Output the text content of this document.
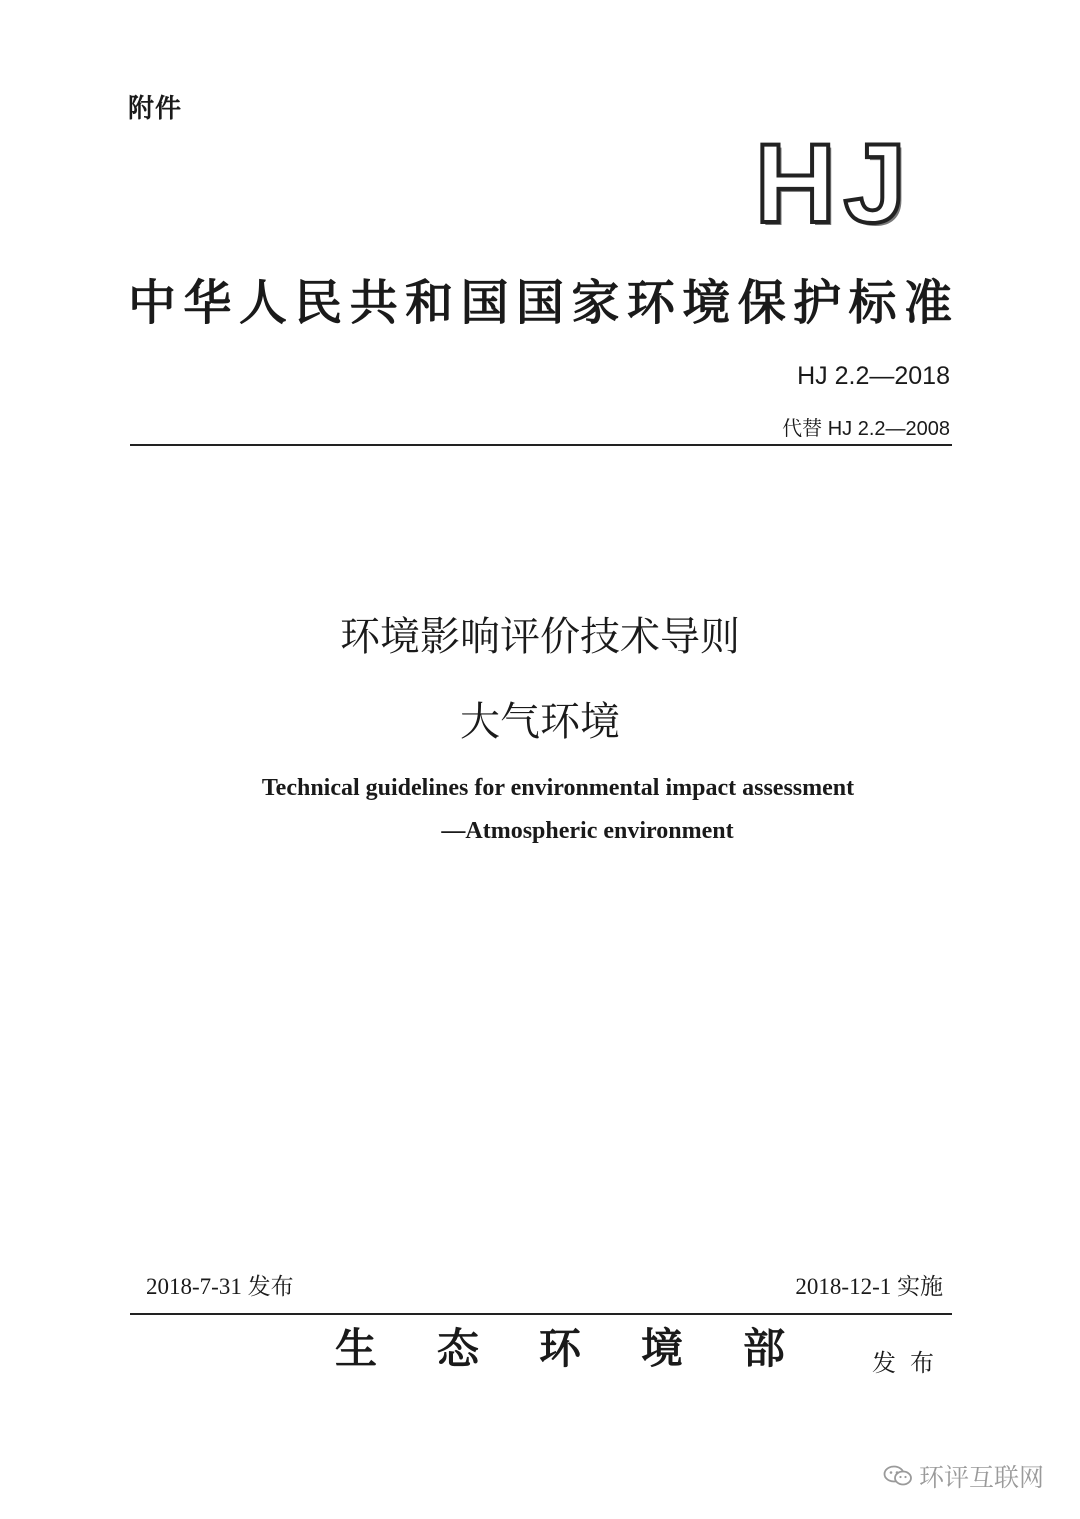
附件
HJ
中华人民共和国国家环境保护标准
HJ 2.2—2018
代替 HJ 2.2—2008
环境影响评价技术导则
大气环境
Technical guidelines for environmental impact assessment
—Atmospheric environment
2018-7-31 发布	2018-12-1 实施
生态环境部	发布
环评互联网
